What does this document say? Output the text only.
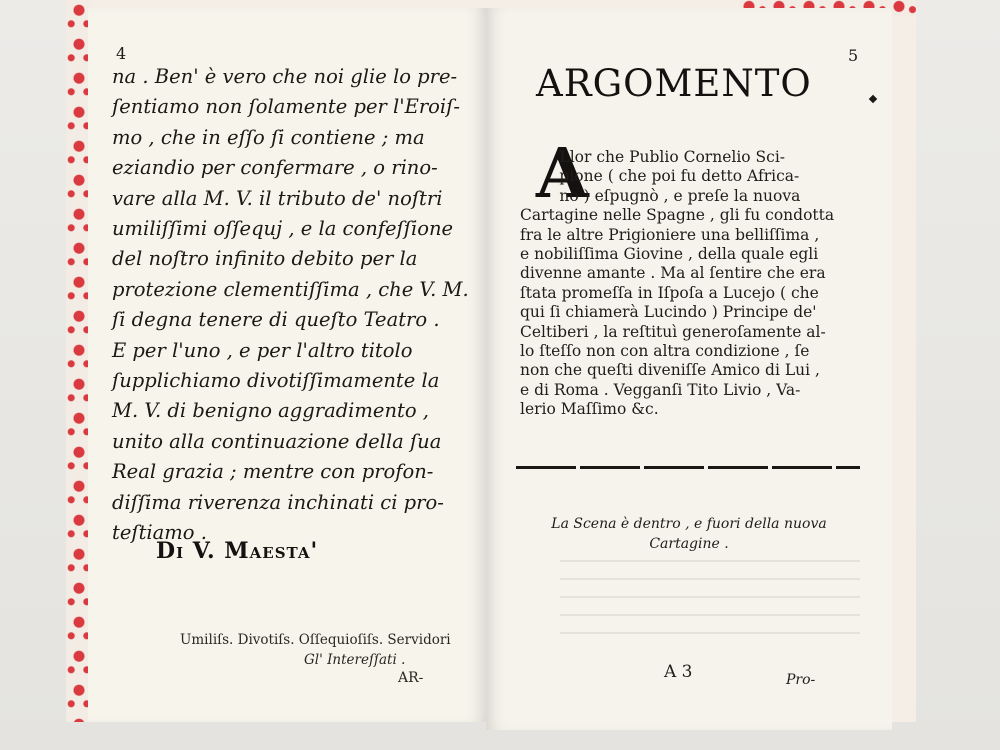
4
na . Ben' è vero che noi glie lo pre-
ſentiamo non ſolamente per l'Eroiſ-
mo , che in eſſo ſi contiene ; ma
eziandio per confermare , o rino-
vare alla M. V. il tributo de' noſtri
umiliſſimi oſſequj , e la confeſſione
del noſtro infinito debito per la
protezione clementiſſima , che V. M.
ſi degna tenere di queſto Teatro .
E per l'uno , e per l'altro titolo
ſupplichiamo divotiſſimamente la
M. V. di benigno aggradimento ,
unito alla continuazione della ſua
Real grazia ; mentre con profon-
diſſima riverenza inchinati ci pro-
teſtiamo .
Di V. Maesta'
Umiliſs. Divotiſs. Oſſequioſiſs. Servidori
Gl' Intereſſati .
AR-
5
ARGOMENTO
A
Llor che Publio Cornelio Sci-
pione ( che poi fu detto Africa-
no ) eſpugnò , e preſe la nuova
Cartagine nelle Spagne , gli fu condotta
fra le altre Prigioniere una belliſſima ,
e nobiliſſima Giovine , della quale egli
divenne amante . Ma al ſentire che era
ſtata promeſſa in Iſpoſa a Lucejo ( che
qui ſi chiamerà Lucindo ) Principe de'
Celtiberi , la reſtituì generoſamente al-
lo ſteſſo non con altra condizione , ſe
non che queſti diveniſſe Amico di Lui ,
e di Roma . Vegganſi Tito Livio , Va-
lerio Maſſimo &c.
La Scena è dentro , e fuori della nuova
Cartagine .
A 3	Pro-
